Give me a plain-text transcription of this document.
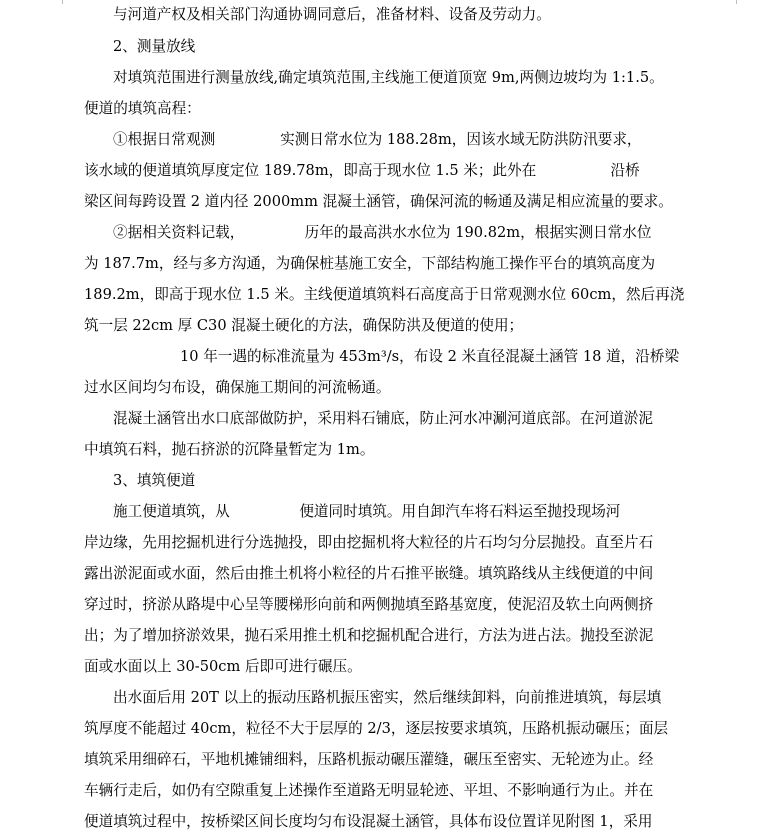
与河道产权及相关部门沟通协调同意后，准备材料、设备及劳动力。
2、测量放线
对填筑范围进行测量放线,确定填筑范围,主线施工便道顶宽 9m,两侧边坡均为 1:1.5。
便道的填筑高程：
①根据日常观测              实测日常水位为 188.28m，因该水域无防洪防汛要求，
该水域的便道填筑厚度定位 189.78m，即高于现水位 1.5 米；此外在                沿桥
梁区间每跨设置 2 道内径 2000mm 混凝土涵管，确保河流的畅通及满足相应流量的要求。
②据相关资料记载，             历年的最高洪水水位为 190.82m，根据实测日常水位
为 187.7m，经与多方沟通，为确保桩基施工安全，下部结构施工操作平台的填筑高度为
189.2m，即高于现水位 1.5 米。主线便道填筑料石高度高于日常观测水位 60cm，然后再浇
筑一层 22cm 厚 C30 混凝土硬化的方法，确保防洪及便道的使用；
10 年一遇的标准流量为 453m³/s，布设 2 米直径混凝土涵管 18 道，沿桥梁
过水区间均匀布设，确保施工期间的河流畅通。
混凝土涵管出水口底部做防护，采用料石铺底，防止河水冲涮河道底部。在河道淤泥
中填筑石料，抛石挤淤的沉降量暂定为 1m。
3、填筑便道
施工便道填筑，从               便道同时填筑。用自卸汽车将石料运至抛投现场河
岸边缘，先用挖掘机进行分选抛投，即由挖掘机将大粒径的片石均匀分层抛投。直至片石
露出淤泥面或水面，然后由推土机将小粒径的片石推平嵌缝。填筑路线从主线便道的中间
穿过时，挤淤从路堤中心呈等腰梯形向前和两侧抛填至路基宽度，使泥沼及软土向两侧挤
出；为了增加挤淤效果，抛石采用推土机和挖掘机配合进行，方法为进占法。抛投至淤泥
面或水面以上 30-50cm 后即可进行碾压。
出水面后用 20T 以上的振动压路机振压密实，然后继续卸料，向前推进填筑，每层填
筑厚度不能超过 40cm，粒径不大于层厚的 2/3，逐层按要求填筑，压路机振动碾压；面层
填筑采用细碎石，平地机摊铺细料，压路机振动碾压灌缝，碾压至密实、无轮迹为止。经
车辆行走后，如仍有空隙重复上述操作至道路无明显轮迹、平坦、不影响通行为止。并在
便道填筑过程中，按桥梁区间长度均匀布设混凝土涵管，具体布设位置详见附图 1，采用
